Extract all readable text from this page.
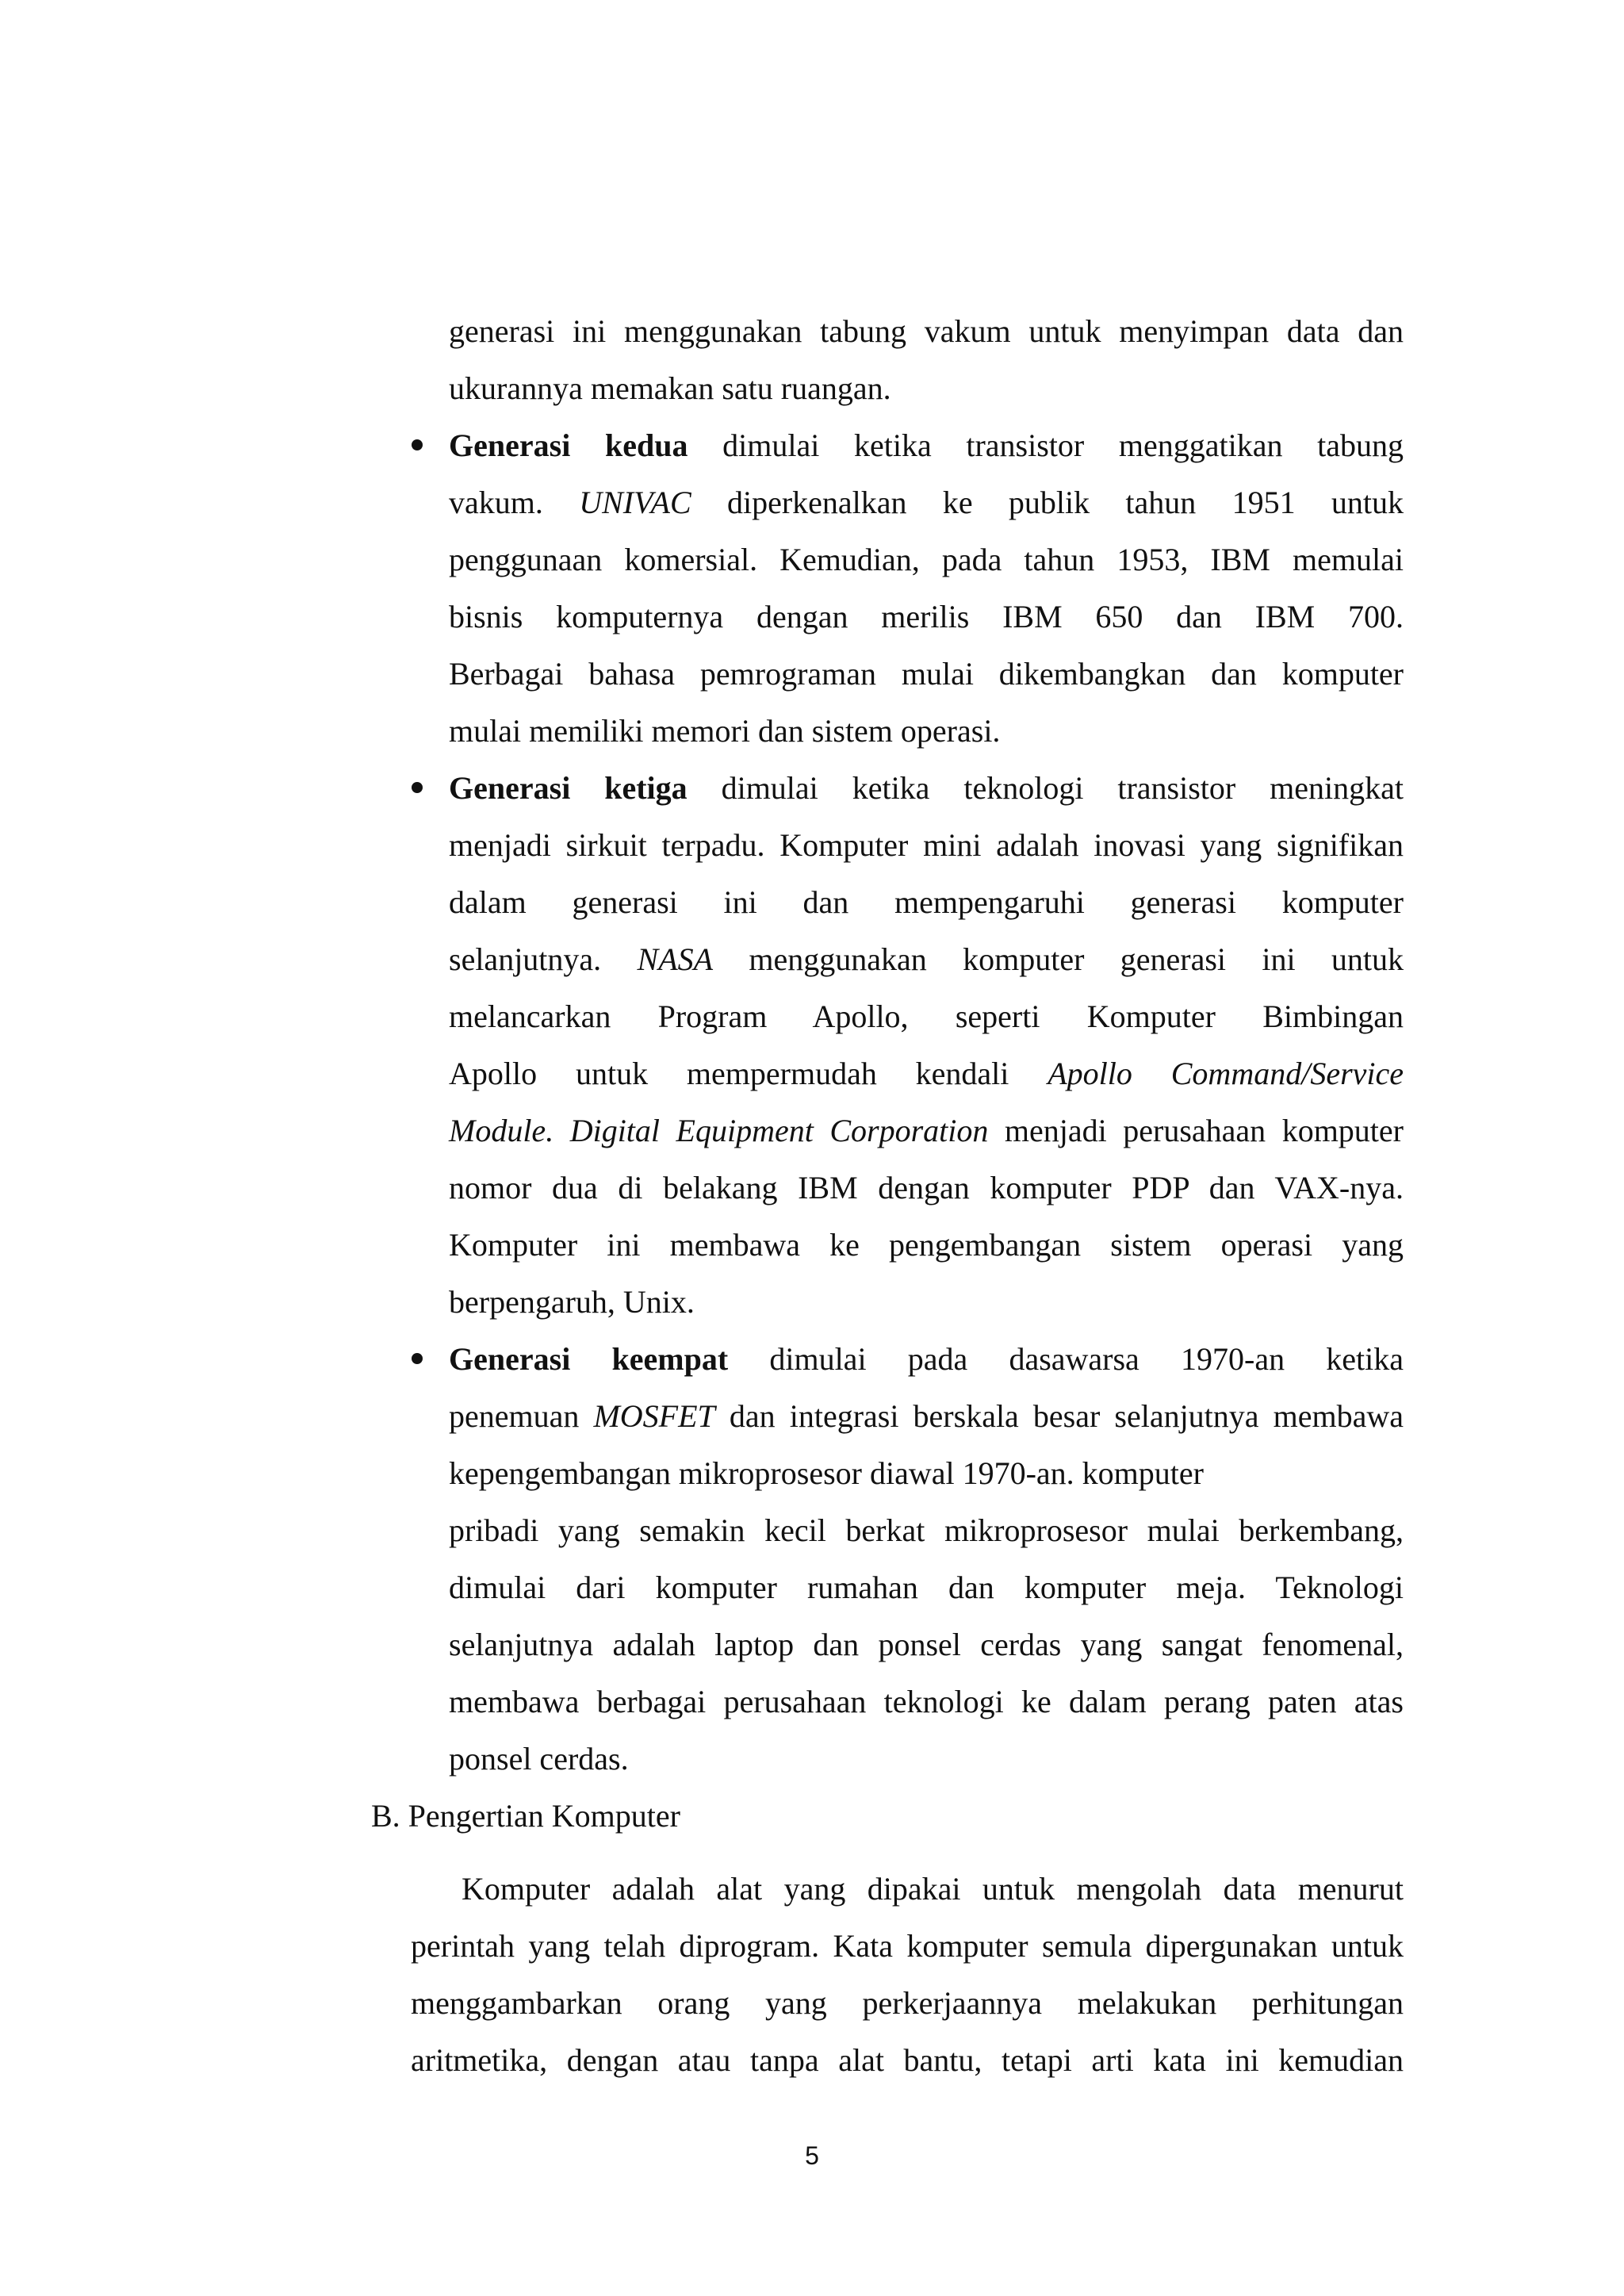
generasi ini menggunakan tabung vakum untuk menyimpan data dan
ukurannya memakan satu ruangan.
Generasi kedua dimulai ketika transistor menggatikan tabung
vakum. UNIVAC diperkenalkan ke publik tahun 1951 untuk
penggunaan komersial. Kemudian, pada tahun 1953, IBM memulai
bisnis komputernya dengan merilis IBM 650 dan IBM 700.
Berbagai bahasa pemrograman mulai dikembangkan dan komputer
mulai memiliki memori dan sistem operasi.
Generasi ketiga dimulai ketika teknologi transistor meningkat
menjadi sirkuit terpadu. Komputer mini adalah inovasi yang signifikan
dalam generasi ini dan mempengaruhi generasi komputer
selanjutnya. NASA menggunakan komputer generasi ini untuk
melancarkan Program Apollo, seperti Komputer Bimbingan
Apollo untuk mempermudah kendali Apollo Command/Service
Module. Digital Equipment Corporation menjadi perusahaan komputer
nomor dua di belakang IBM dengan komputer PDP dan VAX-nya.
Komputer ini membawa ke pengembangan sistem operasi yang
berpengaruh, Unix.
Generasi keempat dimulai pada dasawarsa 1970-an ketika
penemuan MOSFET dan integrasi berskala besar selanjutnya membawa
kepengembangan mikroprosesor diawal 1970-an. komputer
pribadi yang semakin kecil berkat mikroprosesor mulai berkembang,
dimulai dari komputer rumahan dan komputer meja. Teknologi
selanjutnya adalah laptop dan ponsel cerdas yang sangat fenomenal,
membawa berbagai perusahaan teknologi ke dalam perang paten atas
ponsel cerdas.
B. Pengertian Komputer
Komputer adalah alat yang dipakai untuk mengolah data menurut
perintah yang telah diprogram. Kata komputer semula dipergunakan untuk
menggambarkan orang yang perkerjaannya melakukan perhitungan
aritmetika, dengan atau tanpa alat bantu, tetapi arti kata ini kemudian
5
